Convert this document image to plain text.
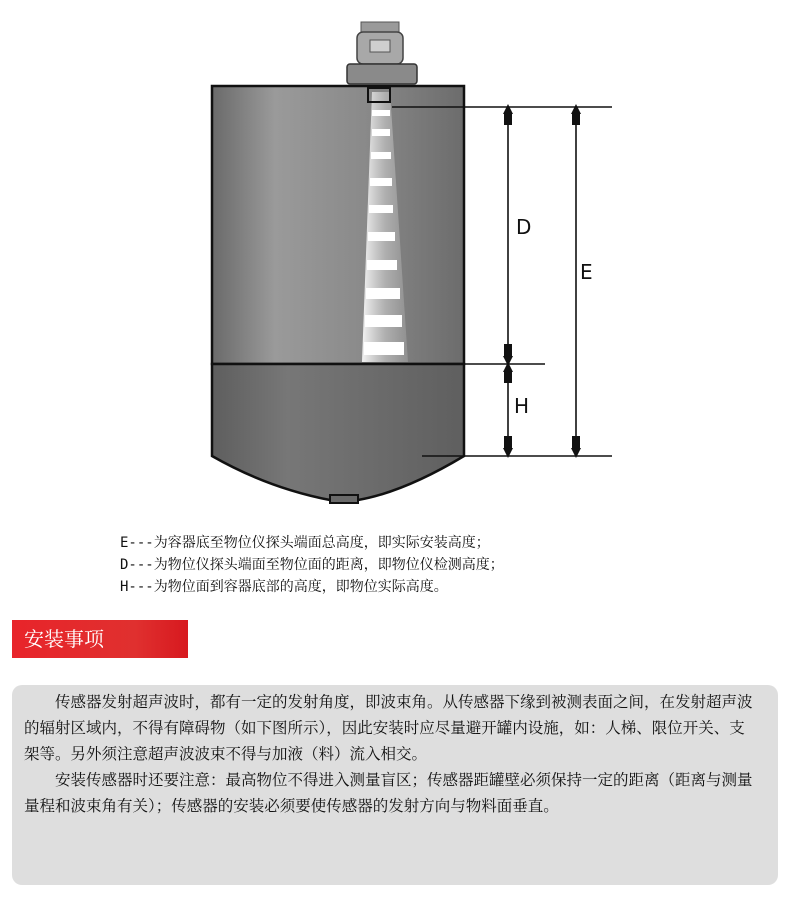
D
E
H
E---为容器底至物位仪探头端面总高度，即实际安装高度；
D---为物位仪探头端面至物位面的距离，即物位仪检测高度；
H---为物位面到容器底部的高度，即物位实际高度。
安装事项

传感器发射超声波时，都有一定的发射角度，即波束角。从传感器下缘到被测表面之间，在发射超声波的辐射区域内，不得有障碍物（如下图所示），因此安装时应尽量避开罐内设施，如：人梯、限位开关、支架等。另外须注意超声波波束不得与加液（料）流入相交。

安装传感器时还要注意：最高物位不得进入测量盲区；传感器距罐壁必须保持一定的距离（距离与测量量程和波束角有关）；传感器的安装必须要使传感器的发射方向与物料面垂直。
